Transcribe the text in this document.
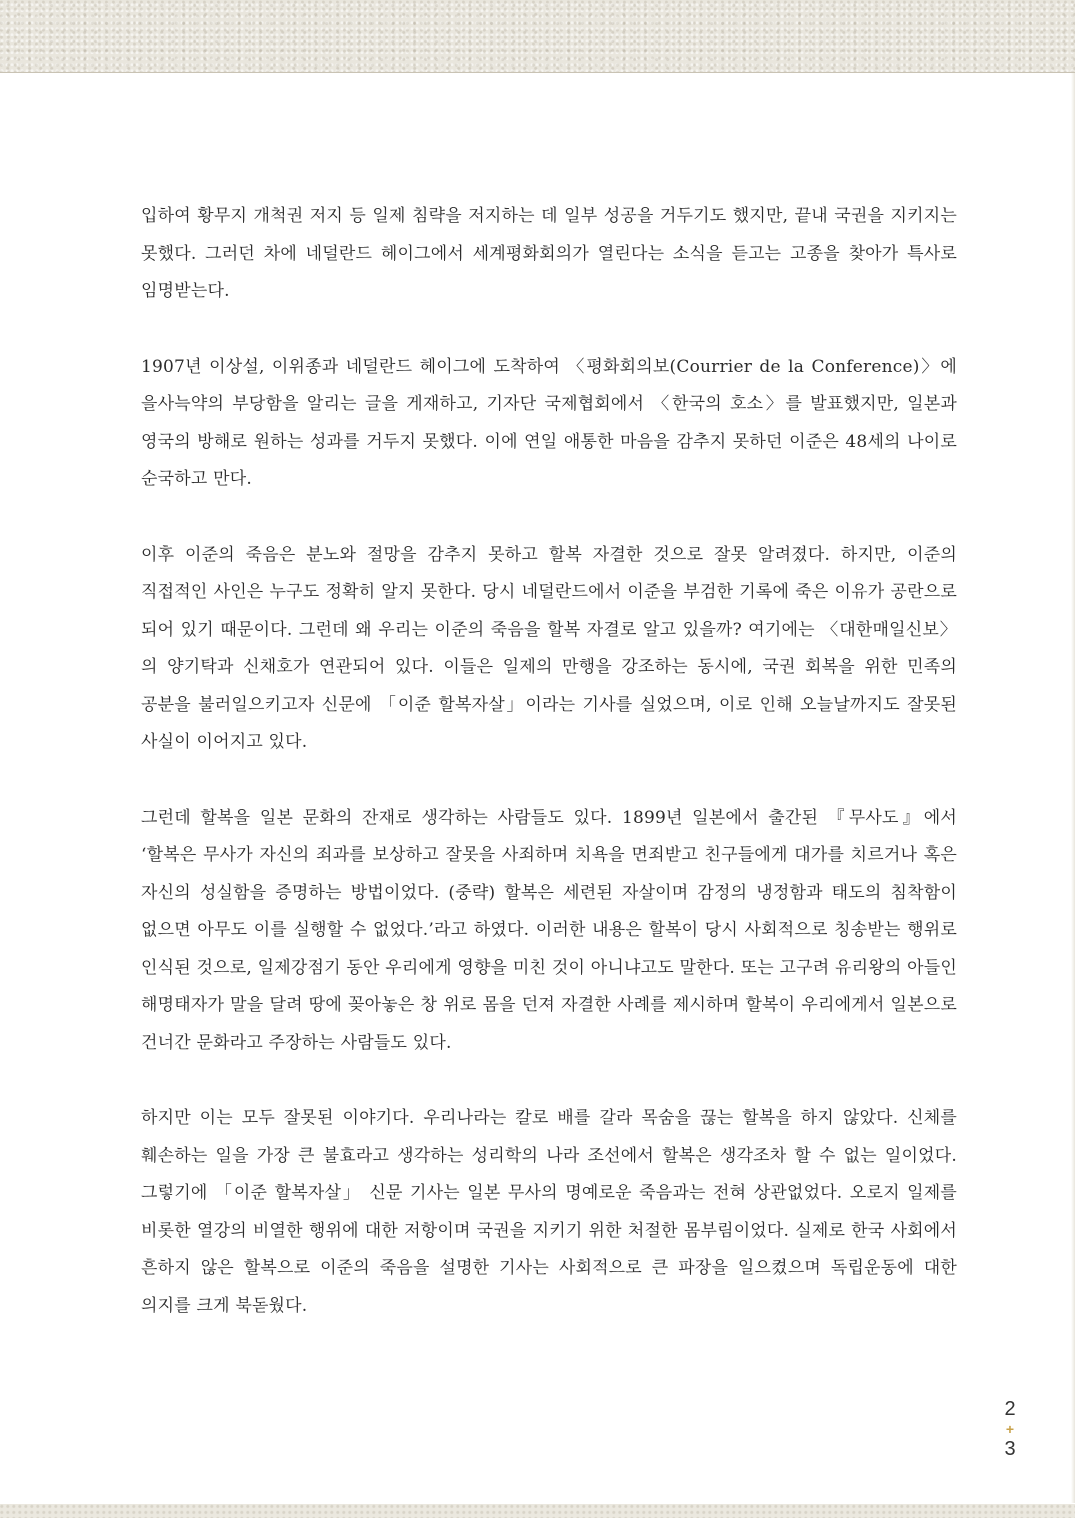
입하여 황무지 개척권 저지 등 일제 침략을 저지하는 데 일부 성공을 거두기도 했지만, 끝내 국권을 지키지는 못했다. 그러던 차에 네덜란드 헤이그에서 세계평화회의가 열린다는 소식을 듣고는 고종을 찾아가 특사로 임명받는다.

1907년 이상설, 이위종과 네덜란드 헤이그에 도착하여 〈평화회의보(Courrier de la Conference)〉에 을사늑약의 부당함을 알리는 글을 게재하고, 기자단 국제협회에서 〈한국의 호소〉를 발표했지만, 일본과 영국의 방해로 원하는 성과를 거두지 못했다. 이에 연일 애통한 마음을 감추지 못하던 이준은 48세의 나이로 순국하고 만다.

이후 이준의 죽음은 분노와 절망을 감추지 못하고 할복 자결한 것으로 잘못 알려졌다. 하지만, 이준의 직접적인 사인은 누구도 정확히 알지 못한다. 당시 네덜란드에서 이준을 부검한 기록에 죽은 이유가 공란으로 되어 있기 때문이다. 그런데 왜 우리는 이준의 죽음을 할복 자결로 알고 있을까? 여기에는 〈대한매일신보〉의 양기탁과 신채호가 연관되어 있다. 이들은 일제의 만행을 강조하는 동시에, 국권 회복을 위한 민족의 공분을 불러일으키고자 신문에 「이준 할복자살」이라는 기사를 실었으며, 이로 인해 오늘날까지도 잘못된 사실이 이어지고 있다.

그런데 할복을 일본 문화의 잔재로 생각하는 사람들도 있다. 1899년 일본에서 출간된 『무사도』에서 ‘할복은 무사가 자신의 죄과를 보상하고 잘못을 사죄하며 치욕을 면죄받고 친구들에게 대가를 치르거나 혹은 자신의 성실함을 증명하는 방법이었다. (중략) 할복은 세련된 자살이며 감정의 냉정함과 태도의 침착함이 없으면 아무도 이를 실행할 수 없었다.’라고 하였다. 이러한 내용은 할복이 당시 사회적으로 칭송받는 행위로 인식된 것으로, 일제강점기 동안 우리에게 영향을 미친 것이 아니냐고도 말한다. 또는 고구려 유리왕의 아들인 해명태자가 말을 달려 땅에 꽂아놓은 창 위로 몸을 던져 자결한 사례를 제시하며 할복이 우리에게서 일본으로 건너간 문화라고 주장하는 사람들도 있다.

하지만 이는 모두 잘못된 이야기다. 우리나라는 칼로 배를 갈라 목숨을 끊는 할복을 하지 않았다. 신체를 훼손하는 일을 가장 큰 불효라고 생각하는 성리학의 나라 조선에서 할복은 생각조차 할 수 없는 일이었다. 그렇기에 「이준 할복자살」 신문 기사는 일본 무사의 명예로운 죽음과는 전혀 상관없었다. 오로지 일제를 비롯한 열강의 비열한 행위에 대한 저항이며 국권을 지키기 위한 처절한 몸부림이었다. 실제로 한국 사회에서 흔하지 않은 할복으로 이준의 죽음을 설명한 기사는 사회적으로 큰 파장을 일으켰으며 독립운동에 대한 의지를 크게 북돋웠다.

2
+
3
